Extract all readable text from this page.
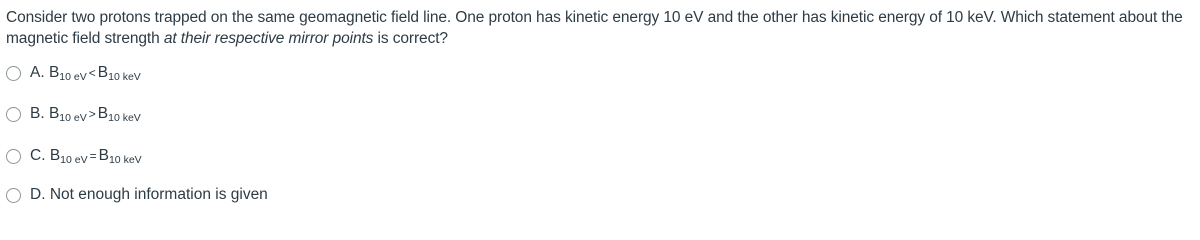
Consider two protons trapped on the same geomagnetic field line. One proton has kinetic energy 10 eV and the other has kinetic energy of 10 keV. Which statement about the magnetic field strength at their respective mirror points is correct?
A. $B_{10 eV} < B_{10 keV}$
B. $B_{10 eV} > B_{10 keV}$
C. $B_{10 eV} = B_{10 keV}$
D. Not enough information is given
